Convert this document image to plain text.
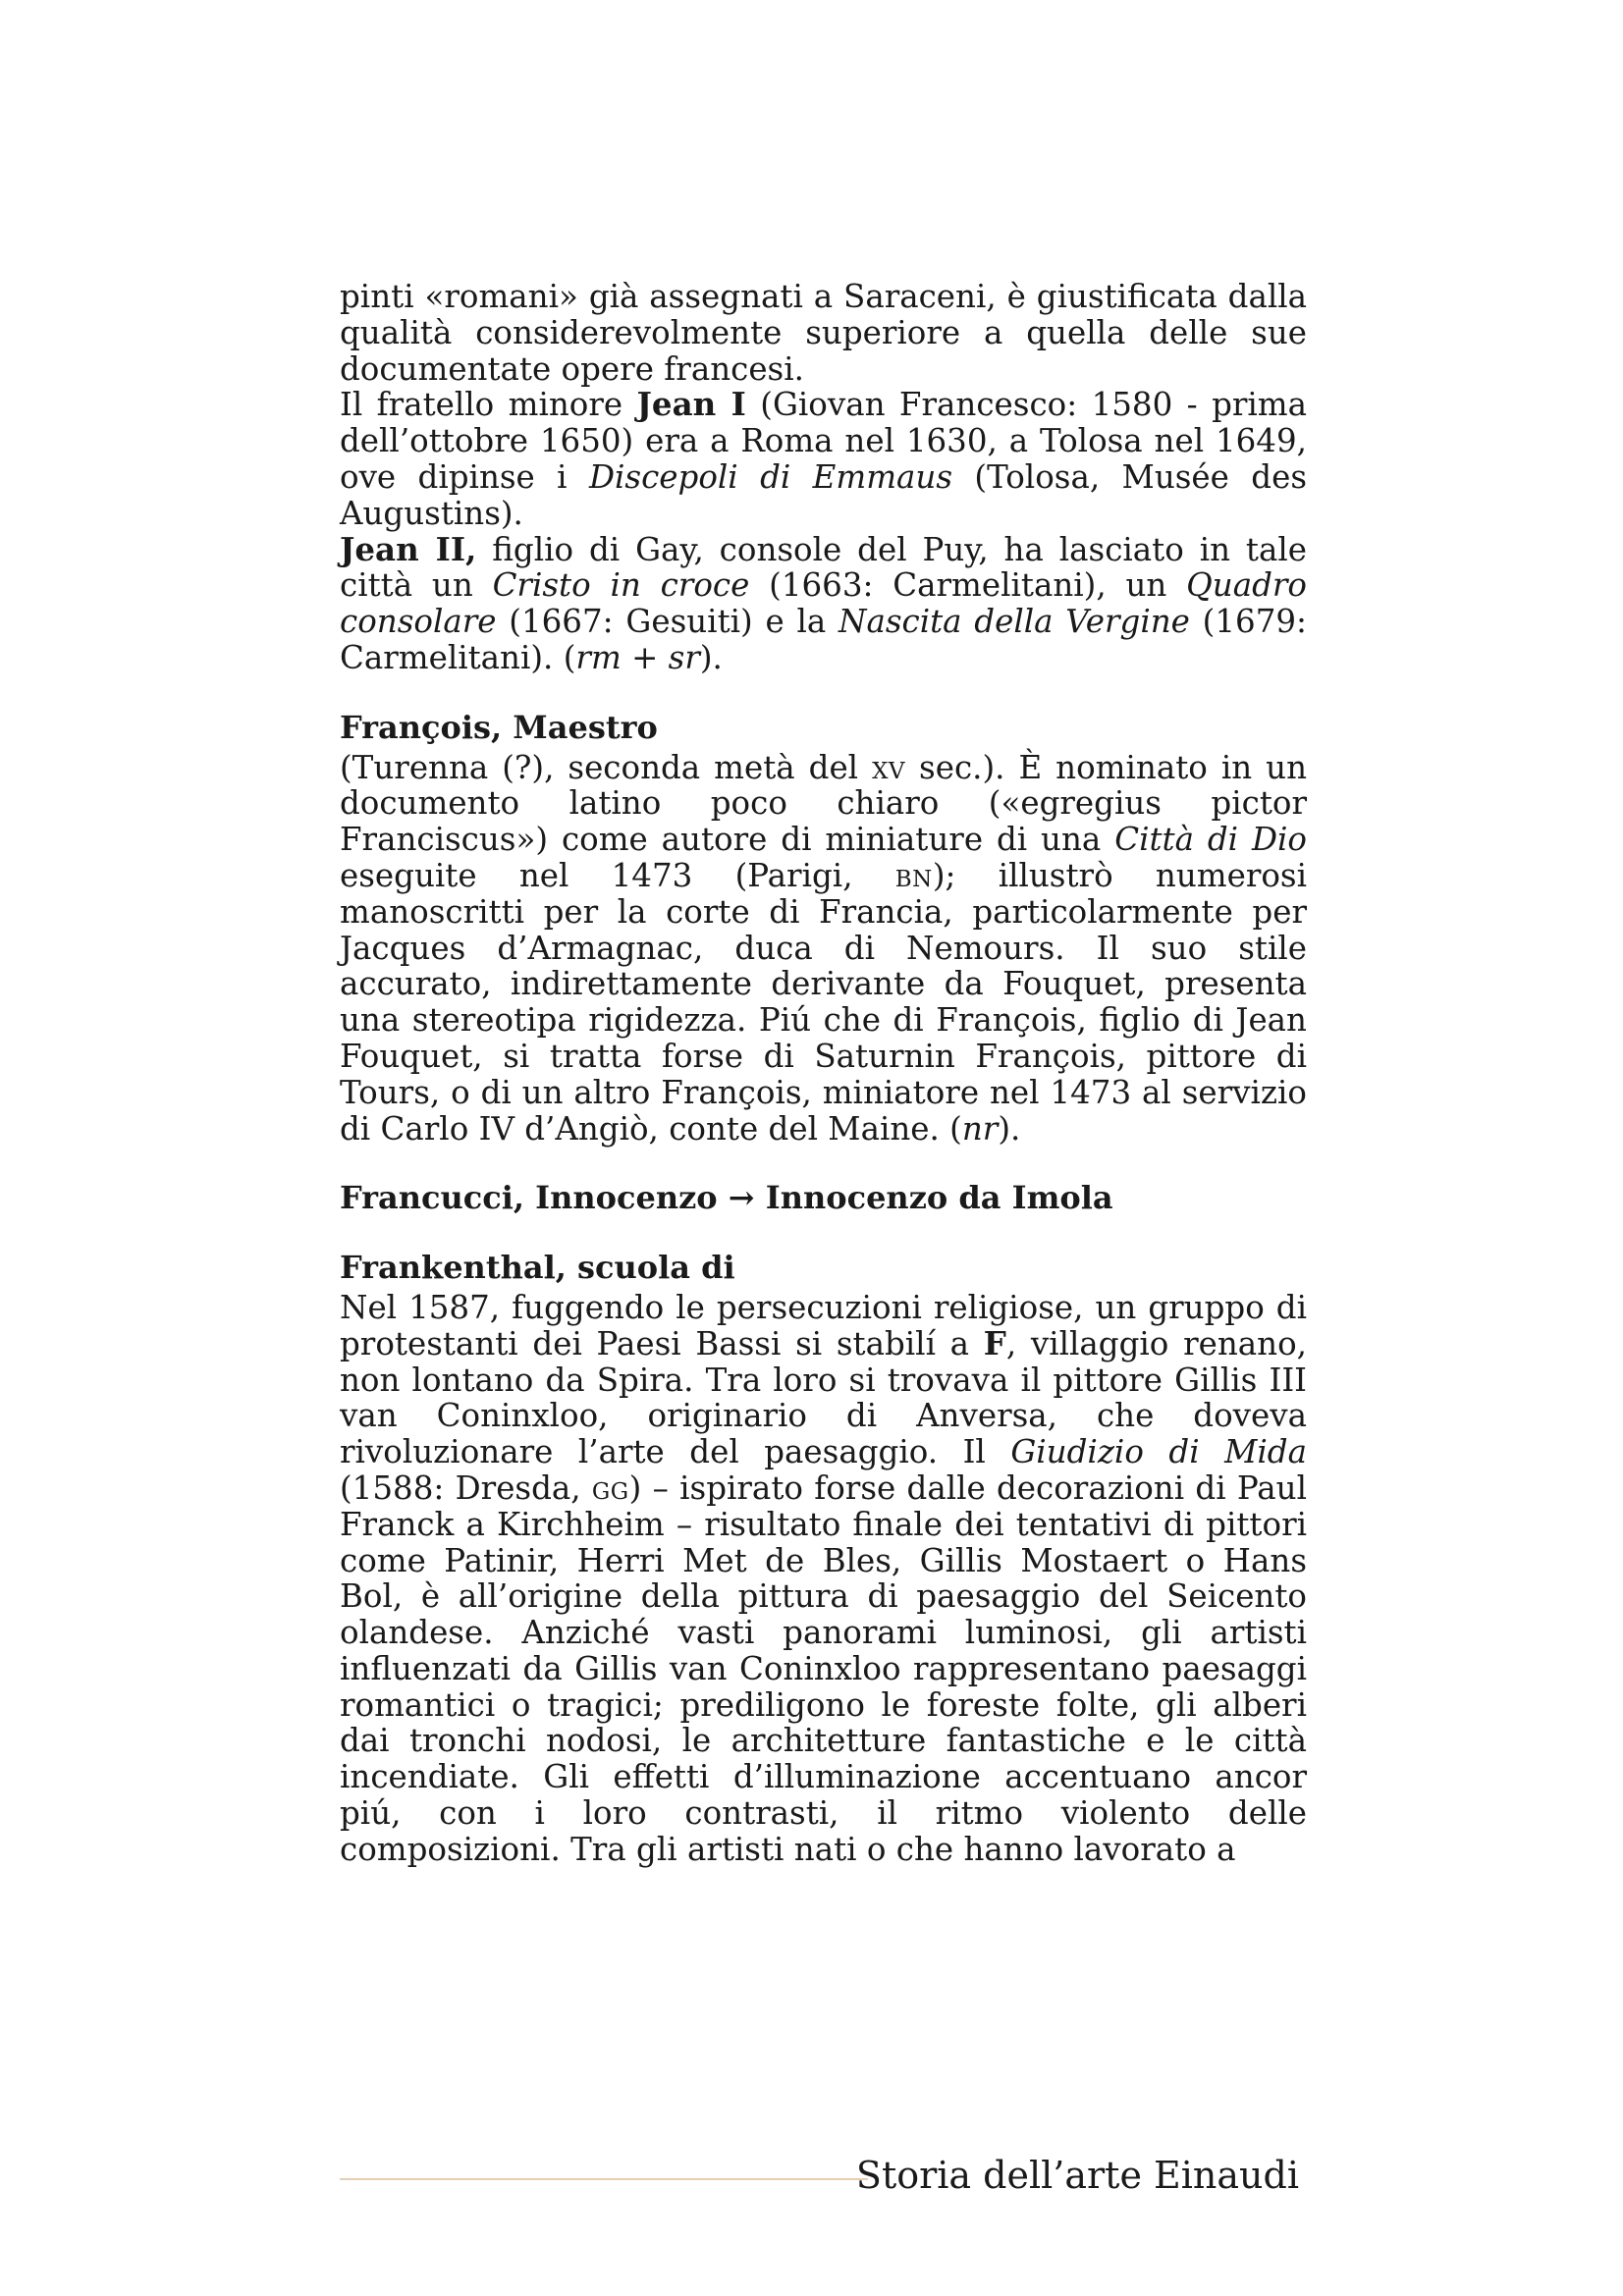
pinti «romani» già assegnati a Saraceni, è giustificata dalla qualità considerevolmente superiore a quella delle sue documentate opere francesi.

Il fratello minore Jean I (Giovan Francesco: 1580 - prima dell’ottobre 1650) era a Roma nel 1630, a Tolosa nel 1649, ove dipinse i Discepoli di Emmaus (Tolosa, Musée des Augustins).

Jean II, figlio di Gay, console del Puy, ha lasciato in tale città un Cristo in croce (1663: Carmelitani), un Quadro consolare (1667: Gesuiti) e la Nascita della Vergine (1679: Carmelitani). (rm + sr).

François, Maestro

(Turenna (?), seconda metà del xv sec.). È nominato in un documento latino poco chiaro («egregius pictor Franciscus») come autore di miniature di una Città di Dio eseguite nel 1473 (Parigi, bn); illustrò numerosi manoscritti per la corte di Francia, particolarmente per Jacques d’Armagnac, duca di Nemours. Il suo stile accurato, indirettamente derivante da Fouquet, presenta una stereotipa rigidezza. Piú che di François, figlio di Jean Fouquet, si tratta forse di Saturnin François, pittore di Tours, o di un altro François, miniatore nel 1473 al servizio di Carlo IV d’Angiò, conte del Maine. (nr).

Francucci, Innocenzo → Innocenzo da Imola
Frankenthal, scuola di

Nel 1587, fuggendo le persecuzioni religiose, un gruppo di protestanti dei Paesi Bassi si stabilí a F, villaggio renano, non lontano da Spira. Tra loro si trovava il pittore Gillis III van Coninxloo, originario di Anversa, che doveva rivoluzionare l’arte del paesaggio. Il Giudizio di Mida (1588: Dresda, gg) – ispirato forse dalle decorazioni di Paul Franck a Kirchheim – risultato finale dei tentativi di pittori come Patinir, Herri Met de Bles, Gillis Mostaert o Hans Bol, è all’origine della pittura di paesaggio del Seicento olandese. Anziché vasti panorami luminosi, gli artisti influenzati da Gillis van Coninxloo rappresentano paesaggi romantici o tragici; prediligono le foreste folte, gli alberi dai tronchi nodosi, le architetture fantastiche e le città incendiate. Gli effetti d’illuminazione accentuano ancor piú, con i loro contrasti, il ritmo violento delle composizioni. Tra gli artisti nati o che hanno lavorato a

Storia dell’arte Einaudi
